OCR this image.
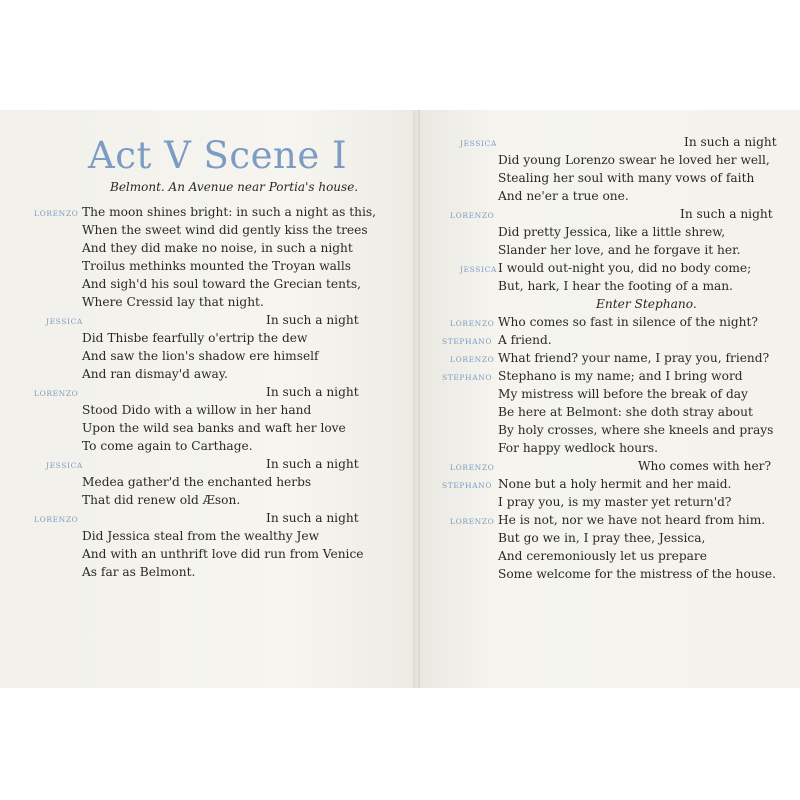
Act V Scene I
Belmont. An Avenue near Portia's house.
LORENZO
JESSICA
LORENZO
JESSICA
LORENZO
The moon shines bright: in such a night as this,
When the sweet wind did gently kiss the trees
And they did make no noise, in such a night
Troilus methinks mounted the Troyan walls
And sigh'd his soul toward the Grecian tents,
Where Cressid lay that night.
In such a night
Did Thisbe fearfully o'ertrip the dew
And saw the lion's shadow ere himself
And ran dismay'd away.
In such a night
Stood Dido with a willow in her hand
Upon the wild sea banks and waft her love
To come again to Carthage.
In such a night
Medea gather'd the enchanted herbs
That did renew old Æson.
In such a night
Did Jessica steal from the wealthy Jew
And with an unthrift love did run from Venice
As far as Belmont.
JESSICA
LORENZO
JESSICA
LORENZO
STEPHANO
LORENZO
STEPHANO
LORENZO
STEPHANO
LORENZO
In such a night
Did young Lorenzo swear he loved her well,
Stealing her soul with many vows of faith
And ne'er a true one.
In such a night
Did pretty Jessica, like a little shrew,
Slander her love, and he forgave it her.
I would out-night you, did no body come;
But, hark, I hear the footing of a man.
Enter Stephano.
Who comes so fast in silence of the night?
A friend.
What friend? your name, I pray you, friend?
Stephano is my name; and I bring word
My mistress will before the break of day
Be here at Belmont: she doth stray about
By holy crosses, where she kneels and prays
For happy wedlock hours.
Who comes with her?
None but a holy hermit and her maid.
I pray you, is my master yet return'd?
He is not, nor we have not heard from him.
But go we in, I pray thee, Jessica,
And ceremoniously let us prepare
Some welcome for the mistress of the house.
